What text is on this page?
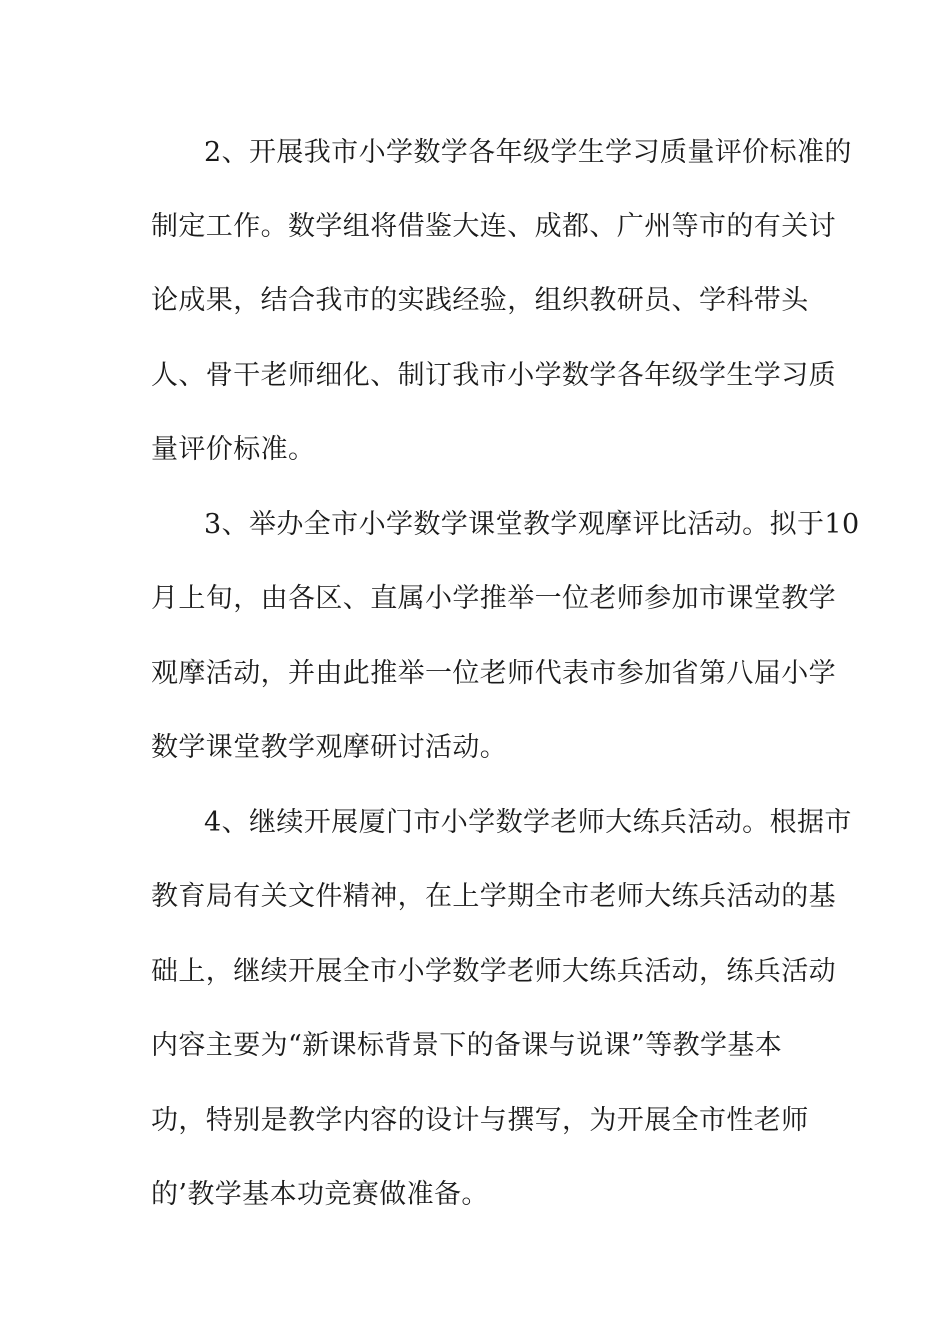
2、开展我市小学数学各年级学生学习质量评价标准的
制定工作。数学组将借鉴大连、成都、广州等市的有关讨
论成果，结合我市的实践经验，组织教研员、学科带头
人、骨干老师细化、制订我市小学数学各年级学生学习质
量评价标准。
3、举办全市小学数学课堂教学观摩评比活动。拟于10
月上旬，由各区、直属小学推举一位老师参加市课堂教学
观摩活动，并由此推举一位老师代表市参加省第八届小学
数学课堂教学观摩研讨活动。
4、继续开展厦门市小学数学老师大练兵活动。根据市
教育局有关文件精神，在上学期全市老师大练兵活动的基
础上，继续开展全市小学数学老师大练兵活动，练兵活动
内容主要为“新课标背景下的备课与说课”等教学基本
功，特别是教学内容的设计与撰写，为开展全市性老师
的’教学基本功竞赛做准备。
